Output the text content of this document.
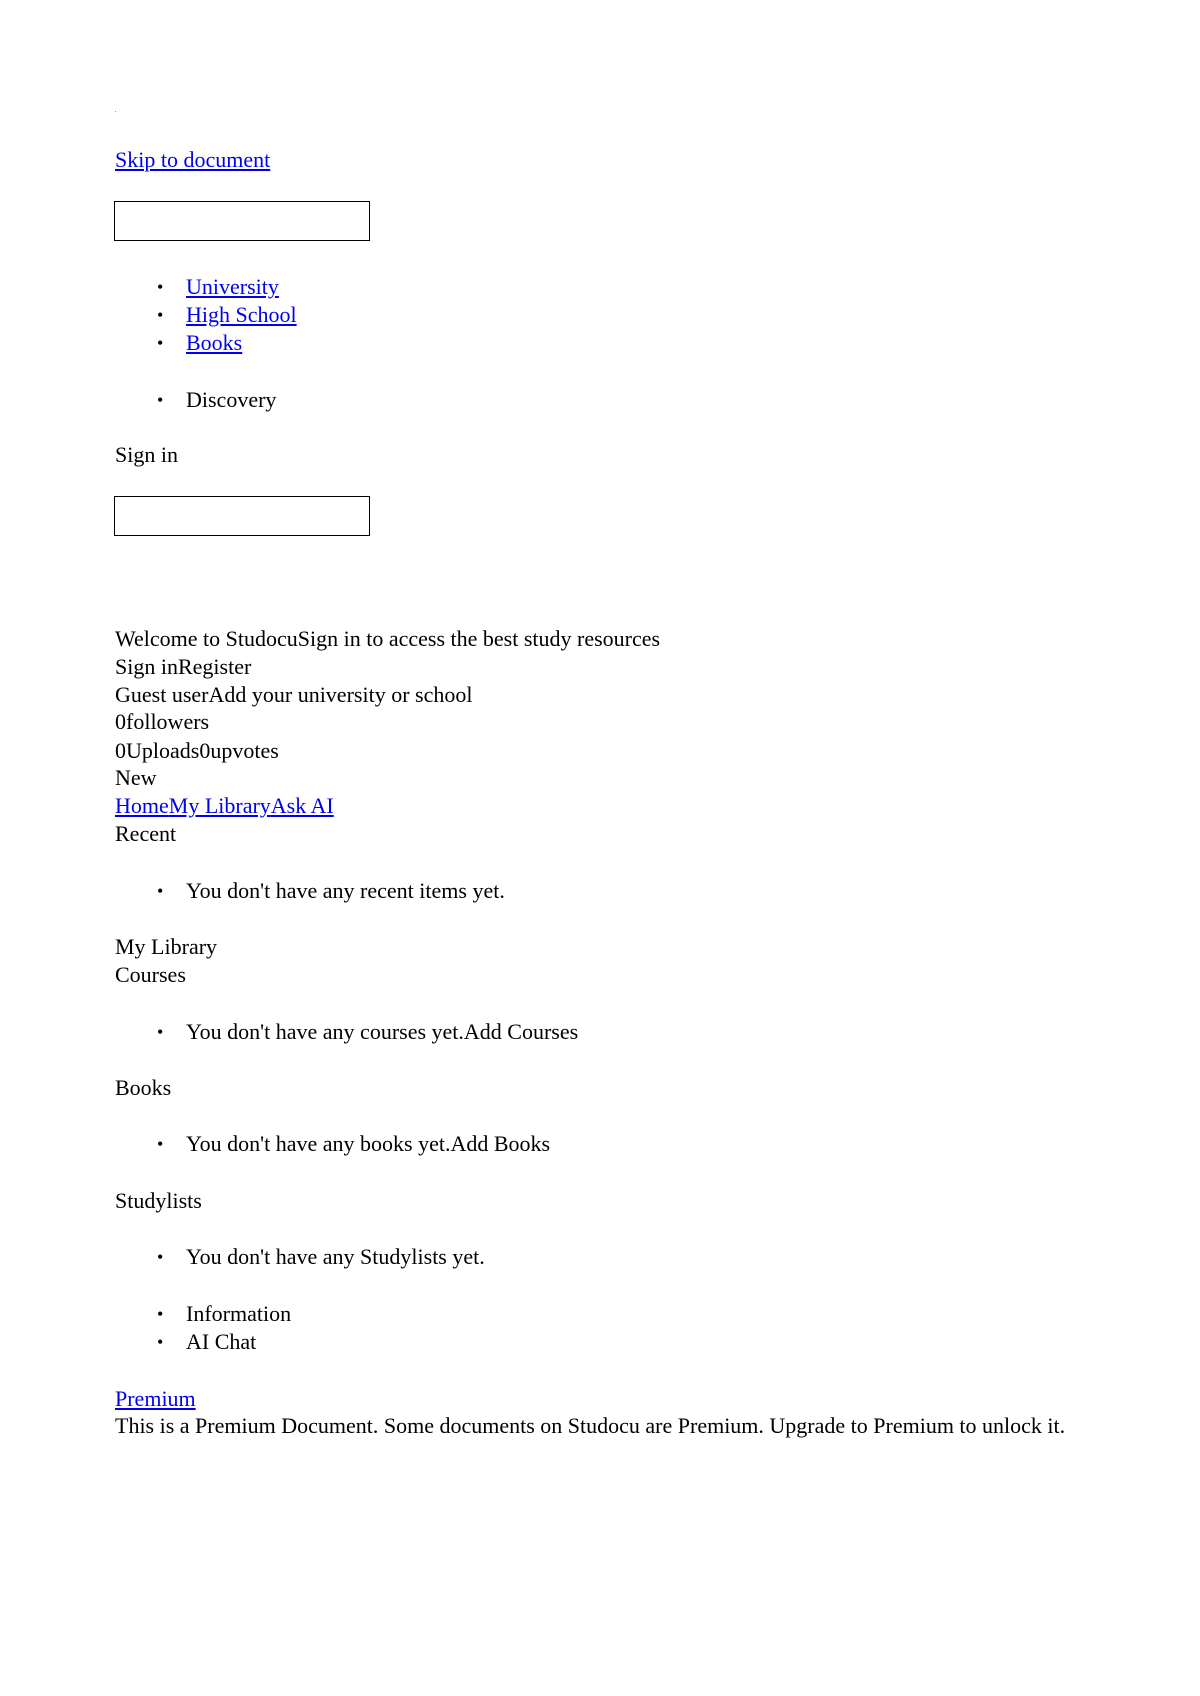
Skip to document
• University
• High School
• Books
• Discovery
Sign in
Welcome to StudocuSign in to access the best study resources
Sign inRegister
Guest userAdd your university or school
0followers
0Uploads0upvotes
New
HomeMy LibraryAsk AI
Recent
• You don't have any recent items yet.
My Library
Courses
• You don't have any courses yet.Add Courses
Books
• You don't have any books yet.Add Books
Studylists
• You don't have any Studylists yet.
• Information
• AI Chat
Premium
This is a Premium Document. Some documents on Studocu are Premium. Upgrade to Premium to unlock it.
